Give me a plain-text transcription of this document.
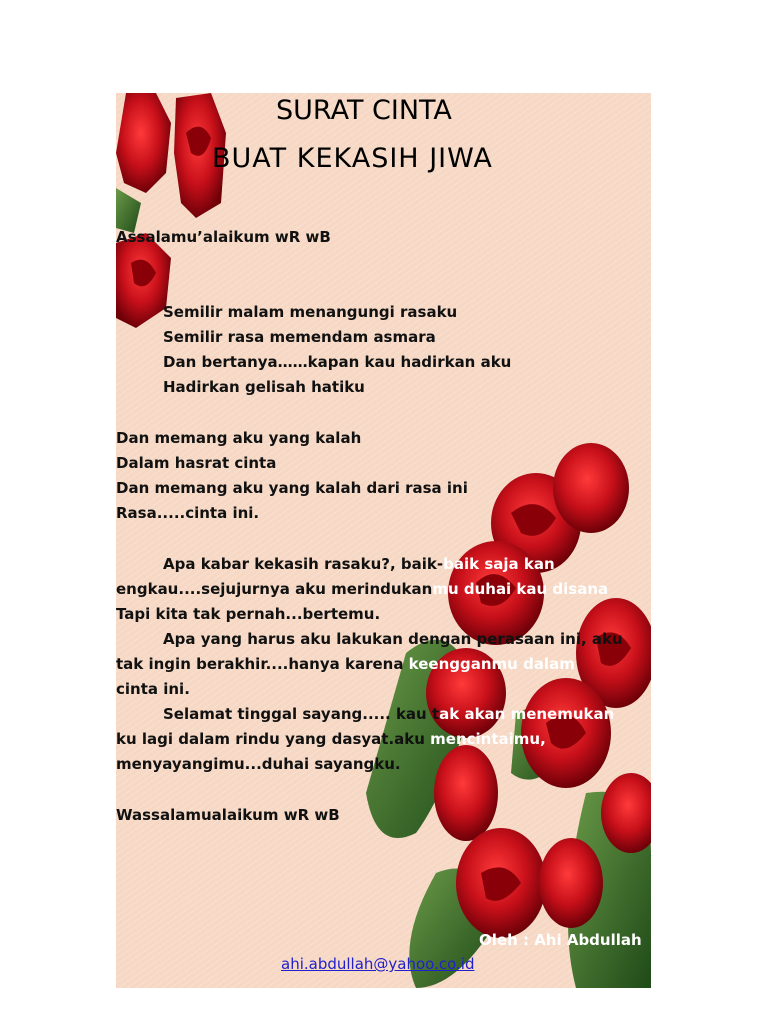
SURAT CINTA
BUAT KEKASIH JIWA
Assalamu’alaikum wR wB
Semilir malam menangungi rasaku
Semilir rasa memendam asmara
Dan bertanya……kapan kau hadirkan aku
Hadirkan gelisah hatiku
Dan memang aku yang kalah
Dalam hasrat cinta
Dan memang aku yang kalah dari rasa ini
Rasa.....cinta ini.
Apa kabar kekasih rasaku?, baik-baik saja kan
engkau....sejujurnya aku merindukanmu duhai kau disana
Tapi kita tak pernah...bertemu.
Apa yang harus aku lakukan dengan perasaan ini, aku
tak ingin berakhir....hanya karena keengganmu dalam
cinta ini.
Selamat tinggal sayang..... kau tak akan menemukan
ku lagi dalam rindu yang dasyat.aku mencintaimu,
menyayangimu...duhai sayangku.
Wassalamualaikum wR wB
Oleh : Ahi Abdullah
ahi.abdullah@yahoo.co.id
